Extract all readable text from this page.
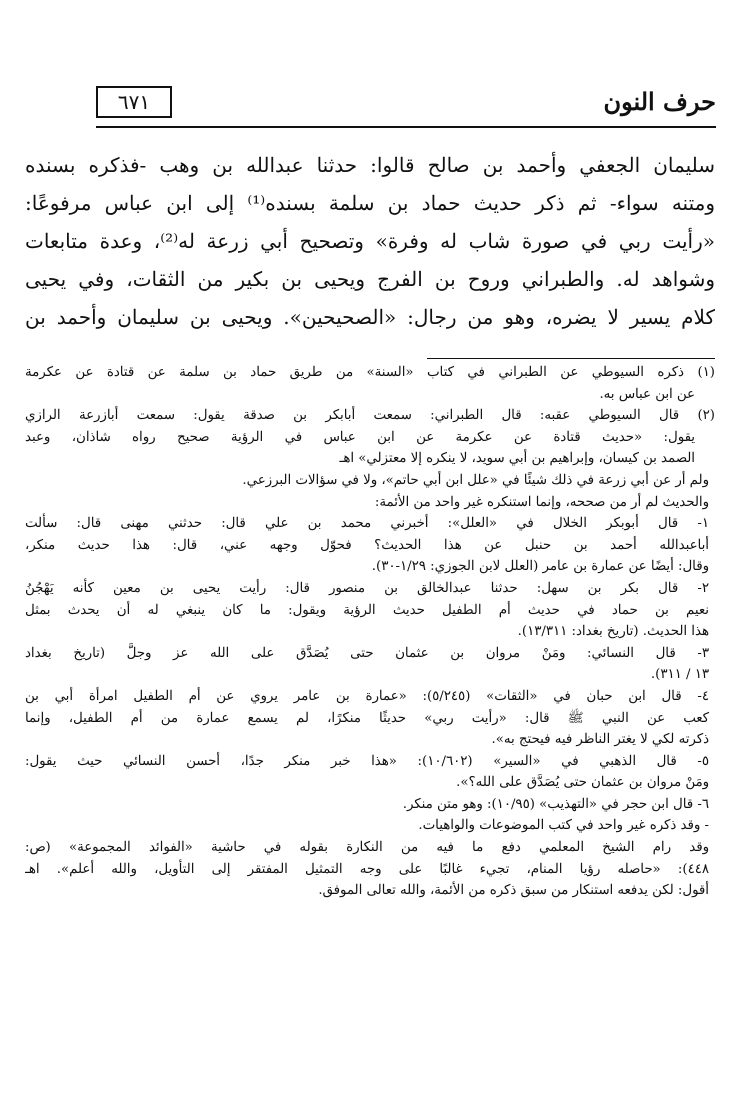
٦٧١	حرف النون

سليمان الجعفي وأحمد بن صالح قالوا: حدثنا عبدالله بن وهب -فذكره بسنده

ومتنه سواء- ثم ذكر حديث حماد بن سلمة بسنده⁽¹⁾ إلى ابن عباس مرفوعًا:

«رأيت ربي في صورة شاب له وفرة» وتصحيح أبي زرعة له⁽²⁾، وعدة متابعات

وشواهد له. والطبراني وروح بن الفرج ويحيى بن بكير من الثقات، وفي يحيى

كلام يسير لا يضره، وهو من رجال: «الصحيحين». ويحيى بن سليمان وأحمد بن

(١) ذكره السيوطي عن الطبراني في كتاب «السنة» من طريق حماد بن سلمة عن قتادة عن عكرمة

عن ابن عباس به.

(٢) قال السيوطي عقبه: قال الطبراني: سمعت أبابكر بن صدقة يقول: سمعت أبازرعة الرازي

يقول: «حديث قتادة عن عكرمة عن ابن عباس في الرؤية صحيح رواه شاذان، وعبد

الصمد بن كيسان، وإبراهيم بن أبي سويد، لا ينكره إلا معتزلي» اهـ

ولم أر عن أبي زرعة في ذلك شيئًا في «علل ابن أبي حاتم»، ولا في سؤالات البرزعي.

والحديث لم أر من صححه، وإنما استنكره غير واحد من الأئمة:

١- قال أبوبكر الخلال في «العلل»: أخبرني محمد بن علي قال: حدثني مهنى قال: سألت

أباعبدالله أحمد بن حنبل عن هذا الحديث؟ فحوّل وجهه عني، قال: هذا حديث منكر،

وقال: أيضًا عن عمارة بن عامر (العلل لابن الجوزي: ١/٢٩-٣٠).

٢- قال بكر بن سهل: حدثنا عبدالخالق بن منصور قال: رأيت يحيى بن معين كأنه يَهْجُنُ

نعيم بن حماد في حديث أم الطفيل حديث الرؤية ويقول: ما كان ينبغي له أن يحدث بمثل

هذا الحديث. (تاريخ بغداد: ١٣/٣١١).

٣- قال النسائي: ومَنْ مروان بن عثمان حتى يُصَدَّق على الله عز وجلَّ (تاريخ بغداد

١٣ / ٣١١).

٤- قال ابن حبان في «الثقات» (٥/٢٤٥): «عمارة بن عامر يروي عن أم الطفيل امرأة أبي بن

كعب عن النبي ﷺ قال: «رأيت ربي» حديثًا منكرًا، لم يسمع عمارة من أم الطفيل، وإنما

ذكرته لكي لا يغتر الناظر فيه فيحتج به».

٥- قال الذهبي في «السير» (١٠/٦٠٢): «هذا خبر منكر جدًا، أحسن النسائي حيث يقول:

ومَنْ مروان بن عثمان حتى يُصَدَّق على الله؟».

٦- قال ابن حجر في «التهذيب» (١٠/٩٥): وهو متن منكر.

- وقد ذكره غير واحد في كتب الموضوعات والواهيات.

وقد رام الشيخ المعلمي دفع ما فيه من النكارة بقوله في حاشية «الفوائد المجموعة» (ص:

٤٤٨): «حاصله رؤيا المنام، تجيء غالبًا على وجه التمثيل المفتقر إلى التأويل، والله أعلم». اهـ

أقول: لكن يدفعه استنكار من سبق ذكره من الأئمة، والله تعالى الموفق.
